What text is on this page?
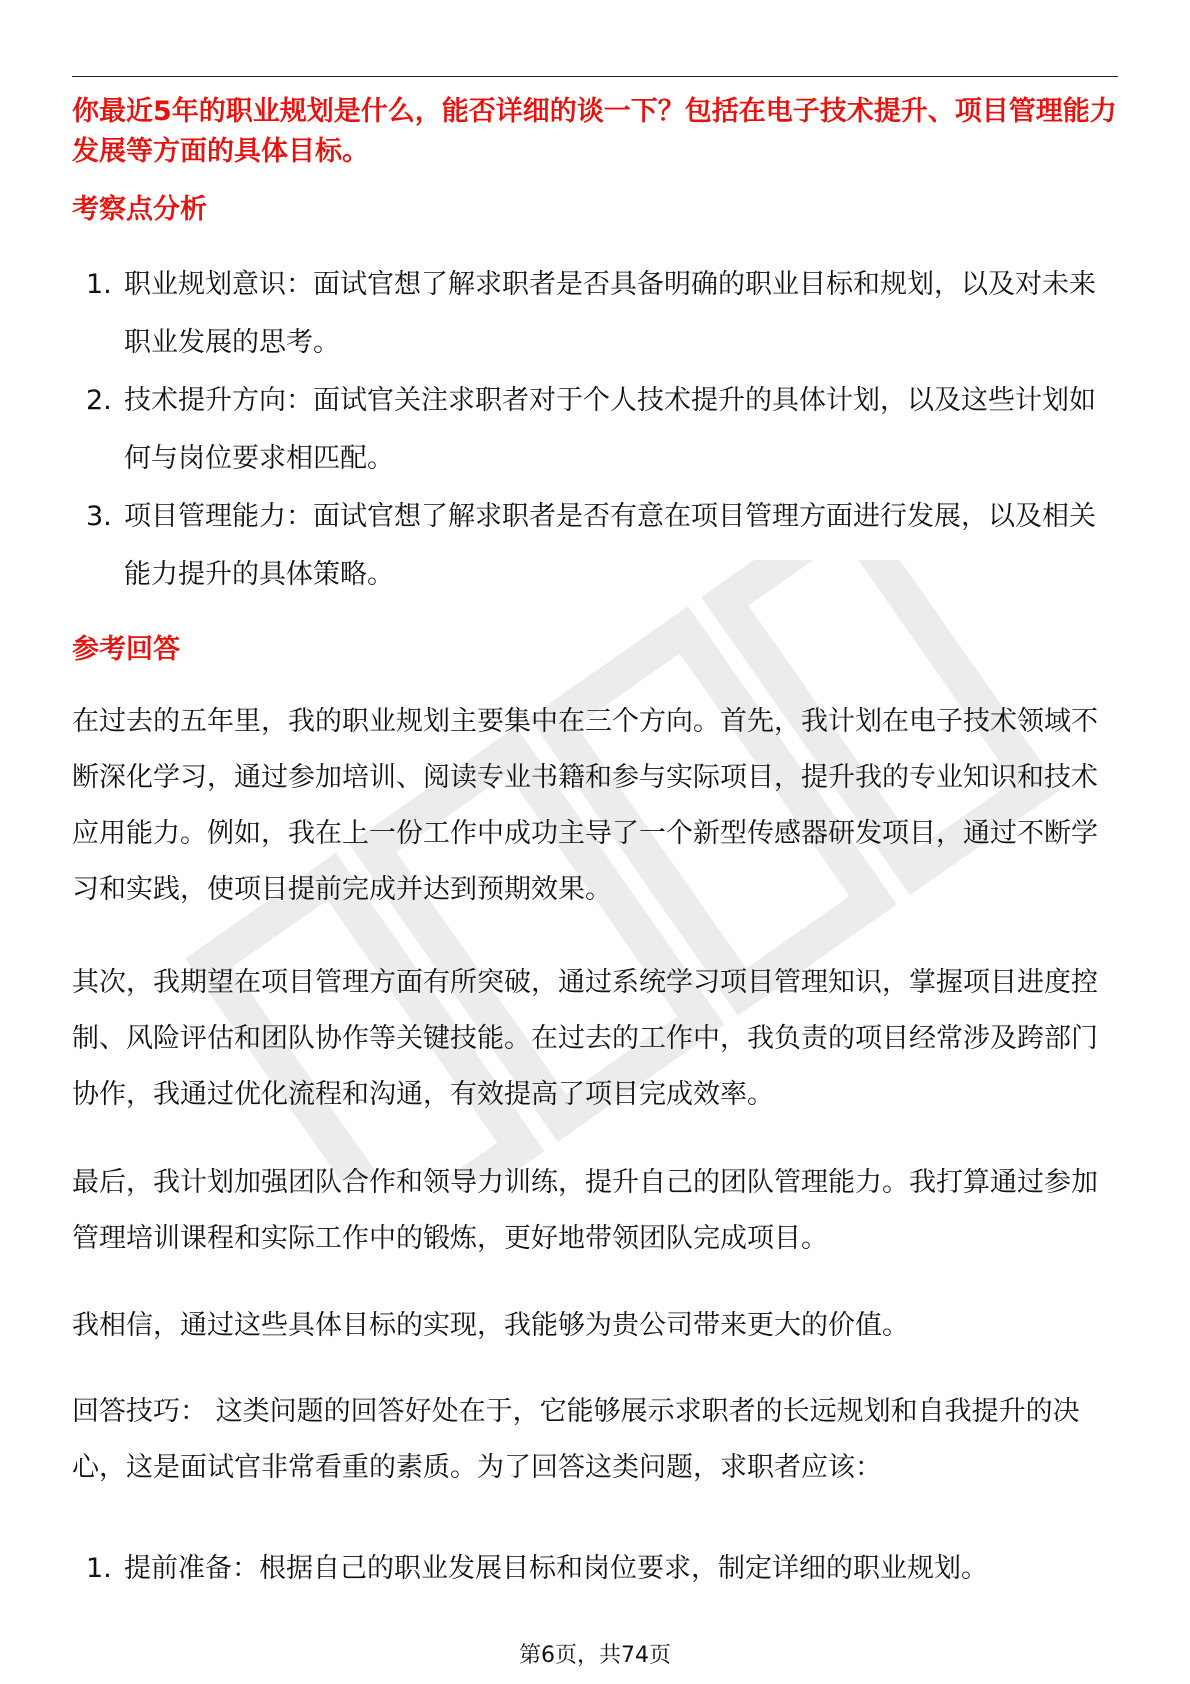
你最近5年的职业规划是什么，能否详细的谈一下？包括在电子技术提升、项目管理能力发展等方面的具体目标。

考察点分析
1. 职业规划意识：面试官想了解求职者是否具备明确的职业目标和规划，以及对未来职业发展的思考。
2. 技术提升方向：面试官关注求职者对于个人技术提升的具体计划，以及这些计划如何与岗位要求相匹配。
3. 项目管理能力：面试官想了解求职者是否有意在项目管理方面进行发展，以及相关能力提升的具体策略。
参考回答

在过去的五年里，我的职业规划主要集中在三个方向。首先，我计划在电子技术领域不断深化学习，通过参加培训、阅读专业书籍和参与实际项目，提升我的专业知识和技术应用能力。例如，我在上一份工作中成功主导了一个新型传感器研发项目，通过不断学习和实践，使项目提前完成并达到预期效果。

其次，我期望在项目管理方面有所突破，通过系统学习项目管理知识，掌握项目进度控制、风险评估和团队协作等关键技能。在过去的工作中，我负责的项目经常涉及跨部门协作，我通过优化流程和沟通，有效提高了项目完成效率。

最后，我计划加强团队合作和领导力训练，提升自己的团队管理能力。我打算通过参加管理培训课程和实际工作中的锻炼，更好地带领团队完成项目。

我相信，通过这些具体目标的实现，我能够为贵公司带来更大的价值。

回答技巧： 这类问题的回答好处在于，它能够展示求职者的长远规划和自我提升的决心，这是面试官非常看重的素质。为了回答这类问题，求职者应该：

1. 提前准备：根据自己的职业发展目标和岗位要求，制定详细的职业规划。

第6页，共74页
